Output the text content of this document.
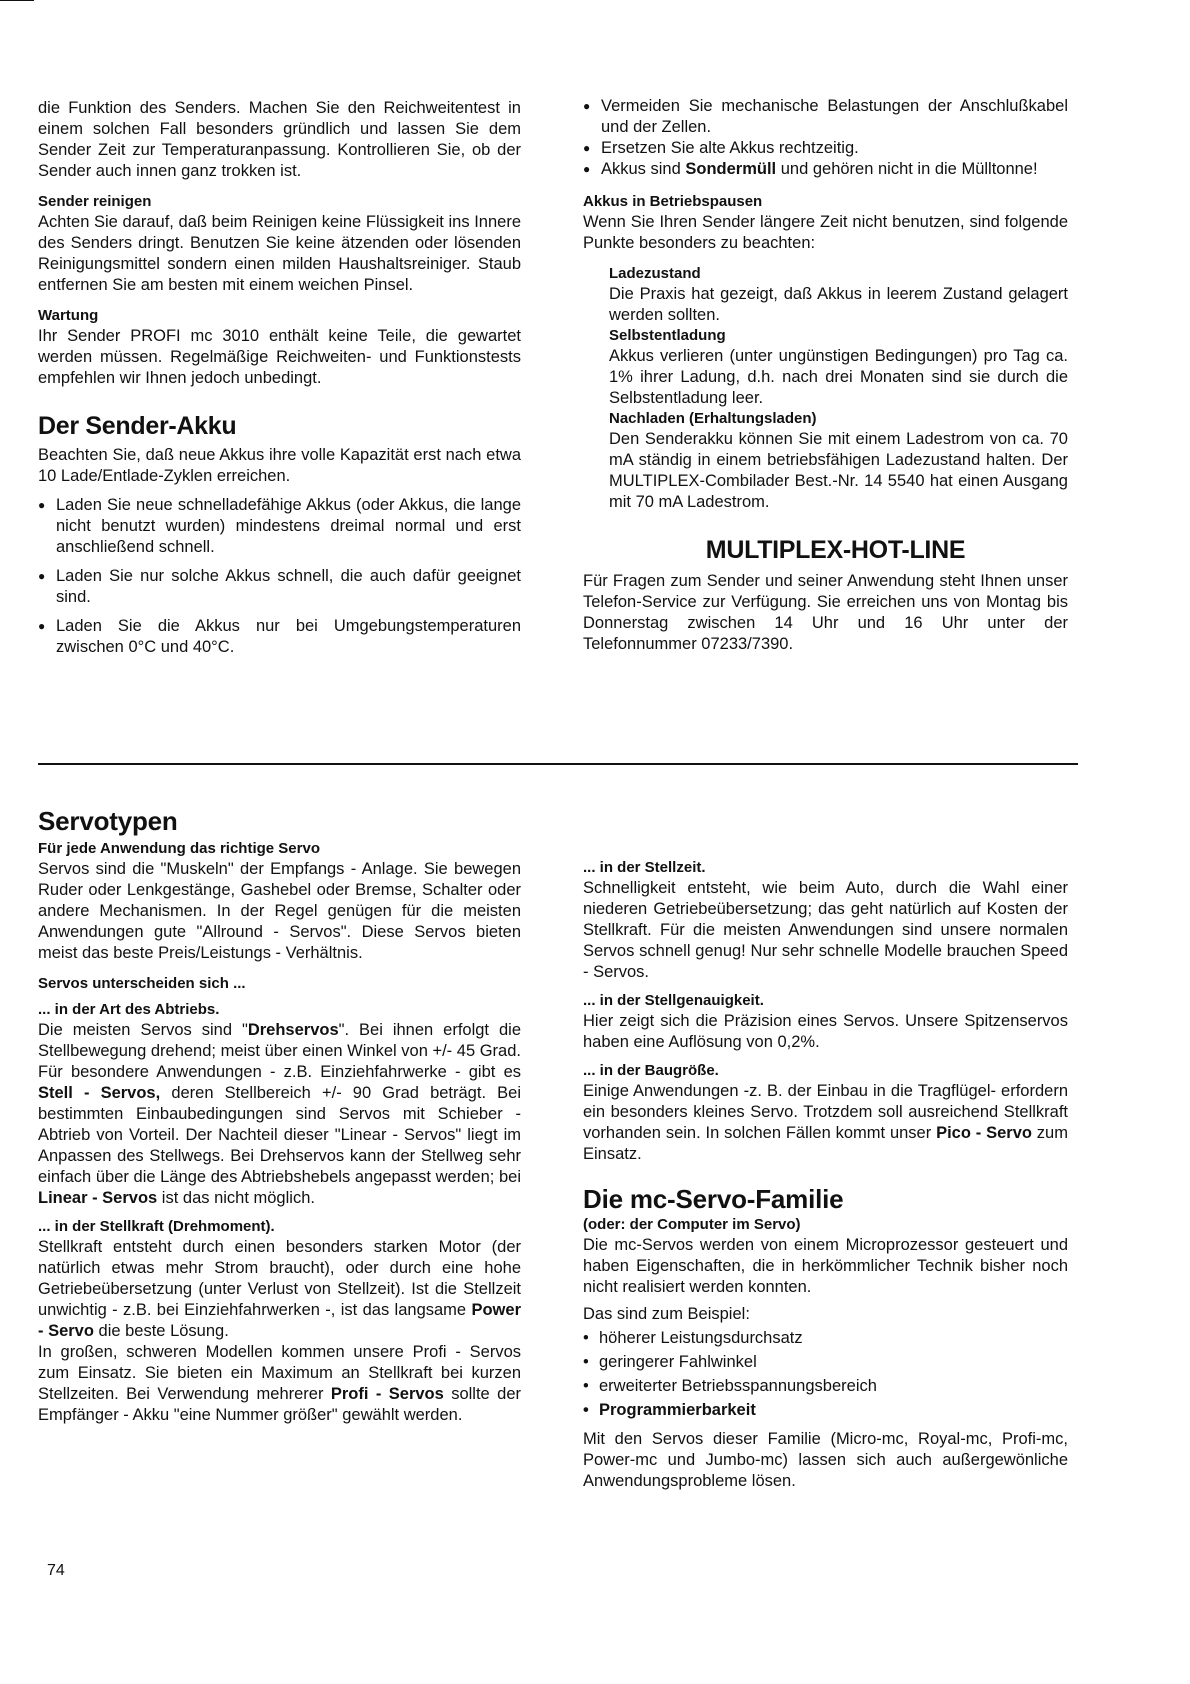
die Funktion des Senders. Machen Sie den Reichweitentest in einem solchen Fall besonders gründlich und lassen Sie dem Sender Zeit zur Temperaturanpassung. Kontrollieren Sie, ob der Sender auch innen ganz trokken ist.

Sender reinigen

Achten Sie darauf, daß beim Reinigen keine Flüssigkeit ins Innere des Senders dringt. Benutzen Sie keine ätzenden oder lösenden Reinigungsmittel sondern einen milden Haushaltsreiniger. Staub entfernen Sie am besten mit einem weichen Pinsel.

Wartung

Ihr Sender PROFI mc 3010 enthält keine Teile, die gewartet werden müssen. Regelmäßige Reichweiten- und Funktionstests empfehlen wir Ihnen jedoch unbedingt.

Der Sender-Akku

Beachten Sie, daß neue Akkus ihre volle Kapazität erst nach etwa 10 Lade/Entlade-Zyklen erreichen.

● Laden Sie neue schnelladefähige Akkus (oder Akkus, die lange nicht benutzt wurden) mindestens dreimal normal und erst anschließend schnell.

● Laden Sie nur solche Akkus schnell, die auch dafür geeignet sind.

● Laden Sie die Akkus nur bei Umgebungstemperaturen zwischen 0°C und 40°C.

● Vermeiden Sie mechanische Belastungen der Anschlußkabel und der Zellen.

● Ersetzen Sie alte Akkus rechtzeitig.

● Akkus sind Sondermüll und gehören nicht in die Mülltonne!

Akkus in Betriebspausen

Wenn Sie Ihren Sender längere Zeit nicht benutzen, sind folgende Punkte besonders zu beachten:

Ladezustand

Die Praxis hat gezeigt, daß Akkus in leerem Zustand gelagert werden sollten.

Selbstentladung

Akkus verlieren (unter ungünstigen Bedingungen) pro Tag ca. 1% ihrer Ladung, d.h. nach drei Monaten sind sie durch die Selbstentladung leer.

Nachladen (Erhaltungsladen)

Den Senderakku können Sie mit einem Ladestrom von ca. 70 mA ständig in einem betriebsfähigen Ladezustand halten. Der MULTIPLEX-Combilader Best.-Nr. 14 5540 hat einen Ausgang mit 70 mA Ladestrom.

MULTIPLEX-HOT-LINE

Für Fragen zum Sender und seiner Anwendung steht Ihnen unser Telefon-Service zur Verfügung. Sie erreichen uns von Montag bis Donnerstag zwischen 14 Uhr und 16 Uhr unter der Telefonnummer 07233/7390.

Servotypen

Für jede Anwendung das richtige Servo

Servos sind die "Muskeln" der Empfangs - Anlage. Sie bewegen Ruder oder Lenkgestänge, Gashebel oder Bremse, Schalter oder andere Mechanismen. In der Regel genügen für die meisten Anwendungen gute "Allround - Servos". Diese Servos bieten meist das beste Preis/Leistungs - Verhältnis.

Servos unterscheiden sich ...

... in der Art des Abtriebs.

Die meisten Servos sind "Drehservos". Bei ihnen erfolgt die Stellbewegung drehend; meist über einen Winkel von +/- 45 Grad. Für besondere Anwendungen - z.B. Einziehfahrwerke - gibt es Stell - Servos, deren Stellbereich +/- 90 Grad beträgt. Bei bestimmten Einbaubedingungen sind Servos mit Schieber - Abtrieb von Vorteil. Der Nachteil dieser "Linear - Servos" liegt im Anpassen des Stellwegs. Bei Drehservos kann der Stellweg sehr einfach über die Länge des Abtriebshebels angepasst werden; bei Linear - Servos ist das nicht möglich.

... in der Stellkraft (Drehmoment).

Stellkraft entsteht durch einen besonders starken Motor (der natürlich etwas mehr Strom braucht), oder durch eine hohe Getriebeübersetzung (unter Verlust von Stellzeit). Ist die Stellzeit unwichtig - z.B. bei Einziehfahrwerken -, ist das langsame Power - Servo die beste Lösung.

In großen, schweren Modellen kommen unsere Profi - Servos zum Einsatz. Sie bieten ein Maximum an Stellkraft bei kurzen Stellzeiten. Bei Verwendung mehrerer Profi - Servos sollte der Empfänger - Akku "eine Nummer größer" gewählt werden.

... in der Stellzeit.

Schnelligkeit entsteht, wie beim Auto, durch die Wahl einer niederen Getriebeübersetzung; das geht natürlich auf Kosten der Stellkraft. Für die meisten Anwendungen sind unsere normalen Servos schnell genug! Nur sehr schnelle Modelle brauchen Speed - Servos.

... in der Stellgenauigkeit.

Hier zeigt sich die Präzision eines Servos. Unsere Spitzenservos haben eine Auflösung von 0,2%.

... in der Baugröße.

Einige Anwendungen -z. B. der Einbau in die Tragflügel- erfordern ein besonders kleines Servo. Trotzdem soll ausreichend Stellkraft vorhanden sein. In solchen Fällen kommt unser Pico - Servo zum Einsatz.

Die mc-Servo-Familie

(oder: der Computer im Servo)

Die mc-Servos werden von einem Microprozessor gesteuert und haben Eigenschaften, die in herkömmlicher Technik bisher noch nicht realisiert werden konnten.

Das sind zum Beispiel:

• höherer Leistungsdurchsatz

• geringerer Fahlwinkel

• erweiterter Betriebsspannungsbereich

• Programmierbarkeit

Mit den Servos dieser Familie (Micro-mc, Royal-mc, Profi-mc, Power-mc und Jumbo-mc) lassen sich auch außergewönliche Anwendungsprobleme lösen.

74
